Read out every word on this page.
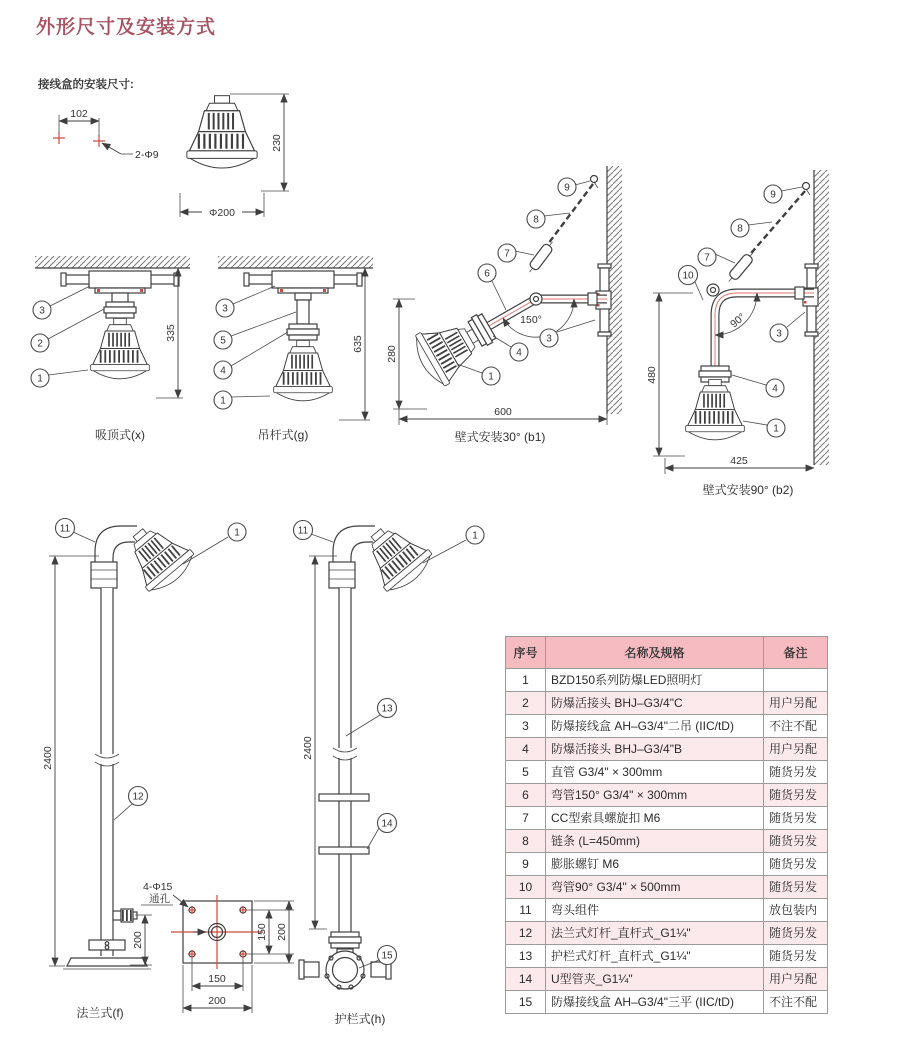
外形尺寸及安装方式
接线盒的安装尺寸:
102
2-Φ9
230
Φ200
335
3
2
1
吸顶式(x)
635
3
5
4
1
吊杆式(g)
150°
280
600
9
8
7
6
4
3
1
壁式安装30° (b1)
90°
480
425
9
8
7
10
3
4
1
壁式安装90° (b2)
200
2400
11	1
12
4-Φ15
通孔
150 200
150
200
法兰式(f)
2400
11	1
13
14
15
护栏式(h)
序号	名称及规格	备注
1	BZD150系列防爆LED照明灯	
2	防爆活接头 BHJ–G3/4"C	用户另配
3	防爆接线盒 AH–G3/4"二吊 (IIC/tD)	不注不配
4	防爆活接头 BHJ–G3/4"B	用户另配
5	直管 G3/4" × 300mm	随货另发
6	弯管150° G3/4" × 300mm	随货另发
7	CC型索具螺旋扣 M6	随货另发
8	链条 (L=450mm)	随货另发
9	膨胀螺钉 M6	随货另发
10	弯管90° G3/4" × 500mm	随货另发
11	弯头组件	放包装内
12	法兰式灯杆_直杆式_G1¼"	随货另发
13	护栏式灯杆_直杆式_G1¼"	随货另发
14	U型管夹_G1¼"	用户另配
15	防爆接线盒 AH–G3/4"三平 (IIC/tD)	不注不配
